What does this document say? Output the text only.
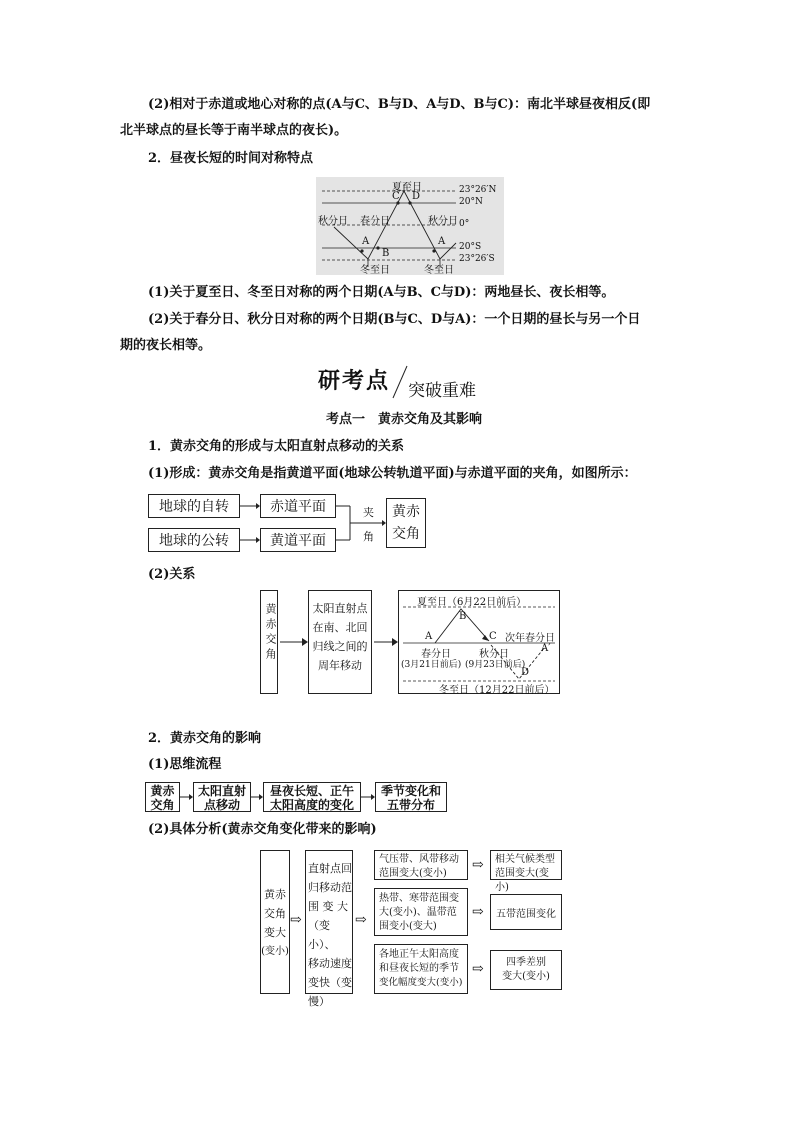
(2)相对于赤道或地心对称的点(A与C、B与D、A与D、B与C)：南北半球昼夜相反(即
北半球点的昼长等于南半球点的夜长)。
2．昼夜长短的时间对称特点
夏至日
C D
秋分日 春分日	秋分日
A	A
B
冬至日	冬至日
23°26′N
20°N
0°
20°S
23°26′S
(1)关于夏至日、冬至日对称的两个日期(A与B、C与D)：两地昼长、夜长相等。
(2)关于春分日、秋分日对称的两个日期(B与C、D与A)：一个日期的昼长与另一个日
期的夜长相等。
研考点 突破重难
考点一　黄赤交角及其影响
1．黄赤交角的形成与太阳直射点移动的关系
(1)形成：黄赤交角是指黄道平面(地球公转轨道平面)与赤道平面的夹角，如图所示：
地球的自转
地球的公转
赤道平面
黄道平面
黄赤
交角
夹
角
(2)关系
黄赤交角	太阳直射点
在南、北回
归线之间的
周年移动
夏至日（6月22日前后）
B
A	C 次年春分日
A′
春分日	秋分日
(3月21日前后) (9月23日前后)
D
冬至日（12月22日前后）
2．黄赤交角的影响
(1)思维流程
黄赤
交角
太阳直射
点移动
昼夜长短、正午
太阳高度的变化
季节变化和
五带分布
(2)具体分析(黄赤交角变化带来的影响)
黄赤
交角
变大
(变小)
⇨
直射点回
归移动范
围 变 大
（变小）、
移动速度
变快（变
慢）
⇨
气压带、风带移动
范围变大(变小)
热带、寒带范围变
大(变小)、温带范
围变小(变大)
各地正午太阳高度
和昼夜长短的季节
变化幅度变大(变小)
⇨
⇨
⇨
相关气候类型
范围变大(变小)
五带范围变化
四季差别
变大(变小)
